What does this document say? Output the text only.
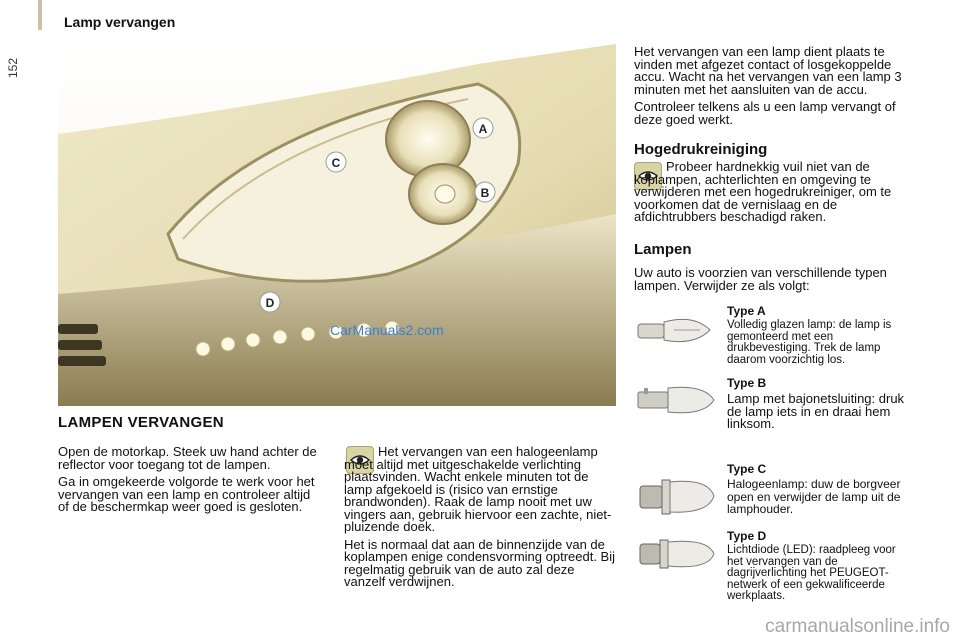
152
Lamp vervangen
A
B
C
D
CarManuals2.com
LAMPEN VERVANGEN

Open de motorkap. Steek uw hand achter de reflector voor toegang tot de lampen.

Ga in omgekeerde volgorde te werk voor het vervangen van een lamp en controleer altijd of de beschermkap weer goed is gesloten.

Het vervangen van een halogeenlamp moet altijd met uitgeschakelde verlichting plaatsvinden. Wacht enkele minuten tot de lamp afgekoeld is (risico van ernstige brandwonden). Raak de lamp nooit met uw vingers aan, gebruik hiervoor een zachte, niet-pluizende doek.

Het is normaal dat aan de binnenzijde van de koplampen enige condensvorming optreedt. Bij regelmatig gebruik van de auto zal deze vanzelf verdwijnen.

Het vervangen van een lamp dient plaats te vinden met afgezet contact of losgekoppelde accu. Wacht na het vervangen van een lamp 3 minuten met het aansluiten van de accu.

Controleer telkens als u een lamp vervangt of deze goed werkt.

Hogedrukreiniging
Probeer hardnekkig vuil niet van de koplampen, achterlichten en omgeving te verwijderen met een hogedrukreiniger, om te voorkomen dat de vernislaag en de afdichtrubbers beschadigd raken.
Lampen
Uw auto is voorzien van verschillende typen lampen. Verwijder ze als volgt:
Type A
Volledig glazen lamp: de lamp is gemonteerd met een drukbevestiging. Trek de lamp daarom voorzichtig los.
Type B
Lamp met bajonetsluiting: druk de lamp iets in en draai hem linksom.
Type C
Halogeenlamp: duw de borgveer open en verwijder de lamp uit de lamphouder.
Type D
Lichtdiode (LED): raadpleeg voor het vervangen van de dagrijverlichting het PEUGEOT-netwerk of een gekwalificeerde werkplaats.
carmanualsonline.info
